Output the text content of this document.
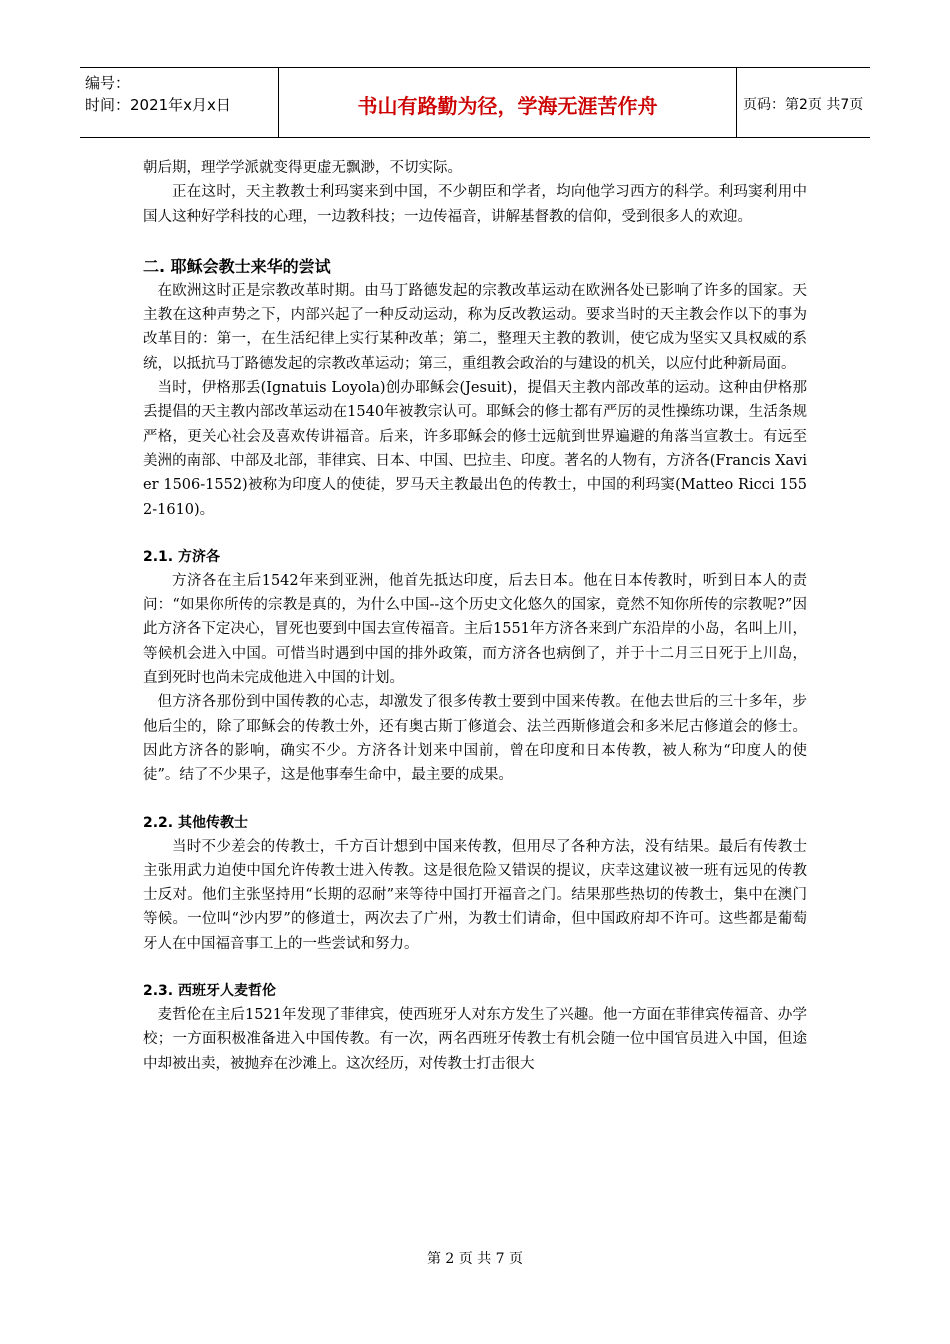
编号：
时间：2021年x月x日	书山有路勤为径，学海无涯苦作舟	页码：第2页 共7页

朝后期，理学学派就变得更虚无飘渺，不切实际。

正在这时，天主教教士利玛窦来到中国，不少朝臣和学者，均向他学习西方的科学。利玛窦利用中国人这种好学科技的心理，一边教科技；一边传福音，讲解基督教的信仰，受到很多人的欢迎。

二. 耶稣会教士来华的尝试

在欧洲这时正是宗教改革时期。由马丁路德发起的宗教改革运动在欧洲各处已影响了许多的国家。天主教在这种声势之下，内部兴起了一种反动运动，称为反改教运动。要求当时的天主教会作以下的事为改革目的：第一，在生活纪律上实行某种改革；第二，整理天主教的教训，使它成为坚实又具权威的系统，以抵抗马丁路德发起的宗教改革运动；第三，重组教会政治的与建设的机关，以应付此种新局面。

当时，伊格那丢(Ignatuis Loyola)创办耶稣会(Jesuit)，提倡天主教内部改革的运动。这种由伊格那丢提倡的天主教内部改革运动在1540年被教宗认可。耶稣会的修士都有严厉的灵性操练功课，生活条规严格，更关心社会及喜欢传讲福音。后来，许多耶稣会的修士远航到世界遍避的角落当宣教士。有远至美洲的南部、中部及北部，菲律宾、日本、中国、巴拉圭、印度。著名的人物有，方济各(Francis Xavier 1506-1552)被称为印度人的使徒，罗马天主教最出色的传教士，中国的利玛窦(Matteo Ricci 1552-1610)。

2.1. 方济各

方济各在主后1542年来到亚洲，他首先抵达印度，后去日本。他在日本传教时，听到日本人的责问：“如果你所传的宗教是真的，为什么中国--这个历史文化悠久的国家，竟然不知你所传的宗教呢?”因此方济各下定决心，冒死也要到中国去宣传福音。主后1551年方济各来到广东沿岸的小岛，名叫上川，等候机会进入中国。可惜当时遇到中国的排外政策，而方济各也病倒了，并于十二月三日死于上川岛，直到死时也尚未完成他进入中国的计划。

但方济各那份到中国传教的心志，却激发了很多传教士要到中国来传教。在他去世后的三十多年，步他后尘的，除了耶稣会的传教士外，还有奥古斯丁修道会、法兰西斯修道会和多米尼古修道会的修士。因此方济各的影响，确实不少。方济各计划来中国前，曾在印度和日本传教，被人称为“印度人的使徒”。结了不少果子，这是他事奉生命中，最主要的成果。

2.2. 其他传教士

当时不少差会的传教士，千方百计想到中国来传教，但用尽了各种方法，没有结果。最后有传教士主张用武力迫使中国允许传教士进入传教。这是很危险又错误的提议，庆幸这建议被一班有远见的传教士反对。他们主张坚持用“长期的忍耐”来等待中国打开福音之门。结果那些热切的传教士，集中在澳门等候。一位叫“沙内罗”的修道士，两次去了广州，为教士们请命，但中国政府却不许可。这些都是葡萄牙人在中国福音事工上的一些尝试和努力。

2.3. 西班牙人麦哲伦

麦哲伦在主后1521年发现了菲律宾，使西班牙人对东方发生了兴趣。他一方面在菲律宾传福音、办学校；一方面积极准备进入中国传教。有一次，两名西班牙传教士有机会随一位中国官员进入中国，但途中却被出卖，被抛弃在沙滩上。这次经历，对传教士打击很大

第 2 页 共 7 页
